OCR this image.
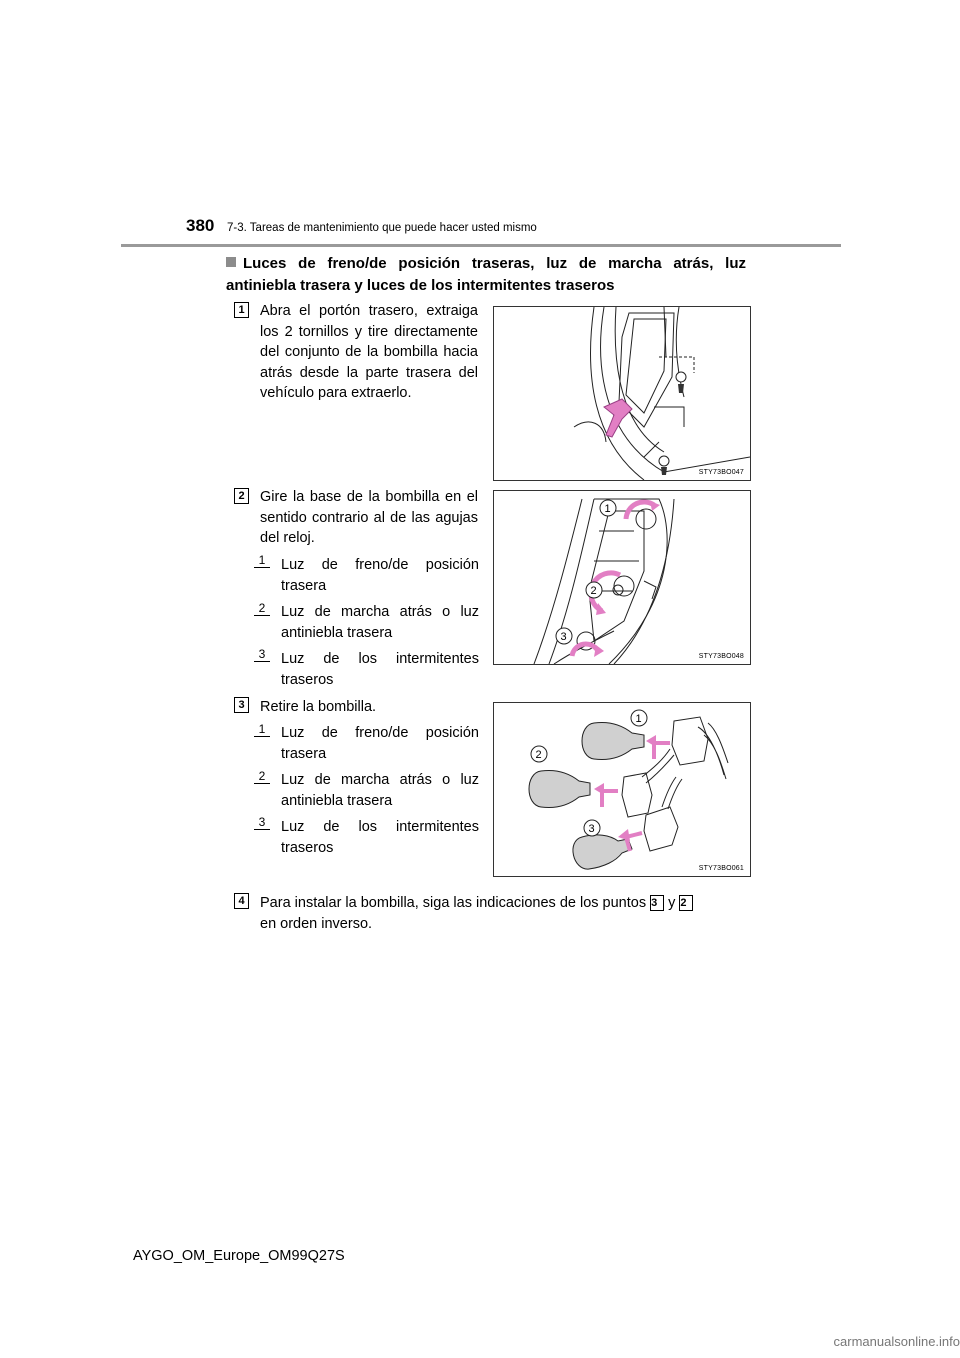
380 7-3. Tareas de mantenimiento que puede hacer usted mismo
Luces de freno/de posición traseras, luz de marcha atrás, luz antiniebla trasera y luces de los intermitentes traseros
1	Abra el portón trasero, extraiga los 2 tornillos y tire directamente del conjunto de la bombilla hacia atrás desde la parte trasera del vehículo para extraerlo.
STY73BO047
2	Gire la base de la bombilla en el sentido contrario al de las agujas del reloj.
1	Luz de freno/de posición trasera
2	Luz de marcha atrás o luz antiniebla trasera
3	Luz de los intermitentes traseros
1
2
3
STY73BO048
3	Retire la bombilla.
1	Luz de freno/de posición trasera
2	Luz de marcha atrás o luz antiniebla trasera
3	Luz de los intermitentes traseros
1
2
3
STY73BO061
4	Para instalar la bombilla, siga las indicaciones de los puntos 3 y 2
en orden inverso.
AYGO_OM_Europe_OM99Q27S
carmanualsonline.info
